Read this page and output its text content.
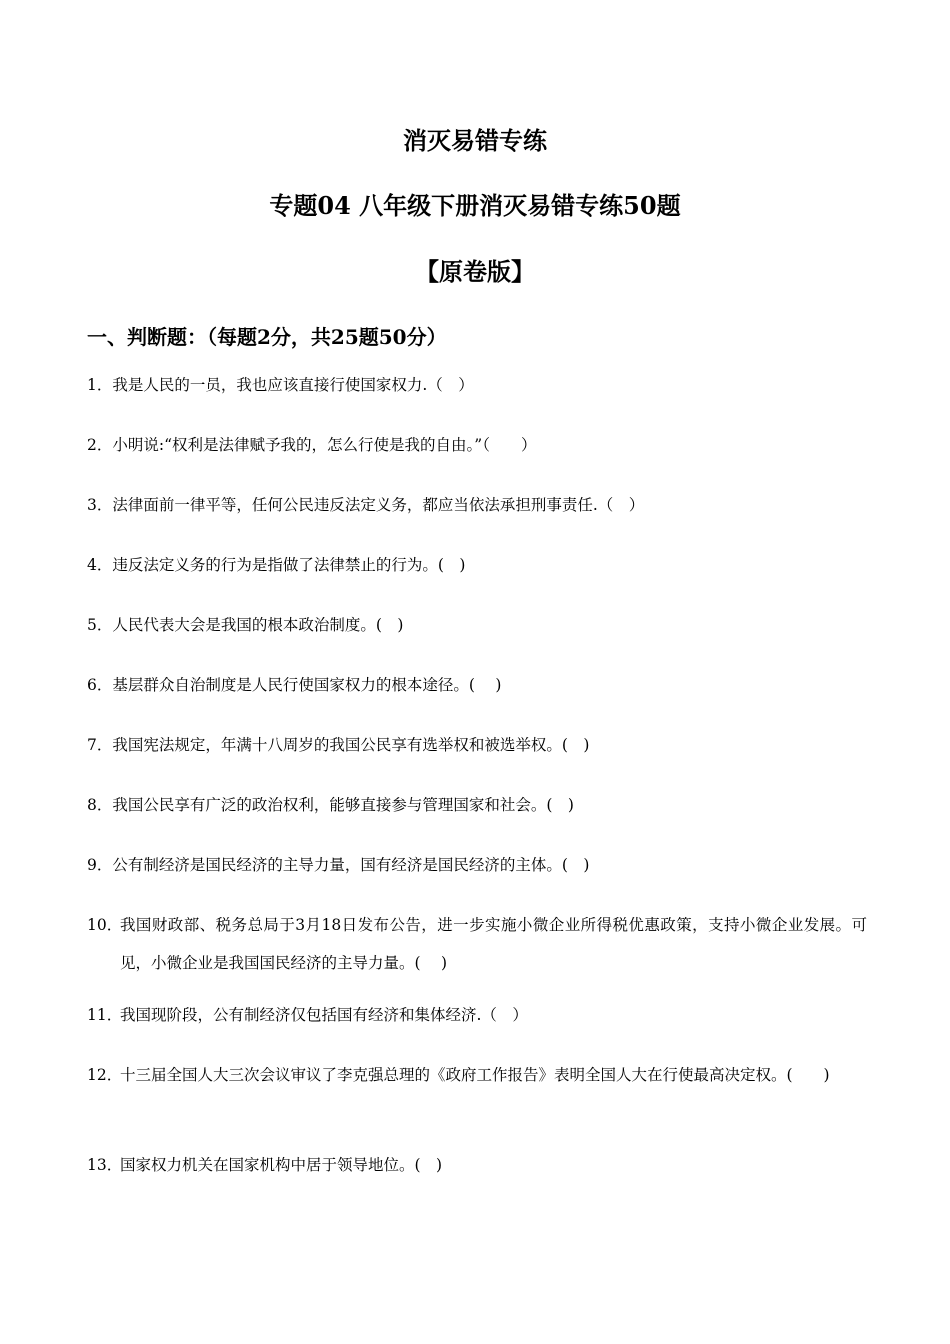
消灭易错专练
专题04 八年级下册消灭易错专练50题
【原卷版】
一、判断题：（每题2分，共25题50分）
1． 我是人民的一员，我也应该直接行使国家权力.（　）
2． 小明说:“权利是法律赋予我的，怎么行使是我的自由。”（　　）
3． 法律面前一律平等，任何公民违反法定义务，都应当依法承担刑事责任.（　）
4． 违反法定义务的行为是指做了法律禁止的行为。(　)
5． 人民代表大会是我国的根本政治制度。(　)
6． 基层群众自治制度是人民行使国家权力的根本途径。(　 )
7． 我国宪法规定，年满十八周岁的我国公民享有选举权和被选举权。(　)
8． 我国公民享有广泛的政治权利，能够直接参与管理国家和社会。(　)
9． 公有制经济是国民经济的主导力量，国有经济是国民经济的主体。(　)
10．
我国财政部、税务总局于3月18日发布公告，进一步实施小微企业所得税优惠政策，支持小微企业发展。可见，小微企业是我国国民经济的主导力量。(　 )
11．
我国现阶段，公有制经济仅包括国有经济和集体经济.（　）
12．
十三届全国人大三次会议审议了李克强总理的《政府工作报告》表明全国人大在行使最高决定权。(　　)
13．
国家权力机关在国家机构中居于领导地位。(　)
